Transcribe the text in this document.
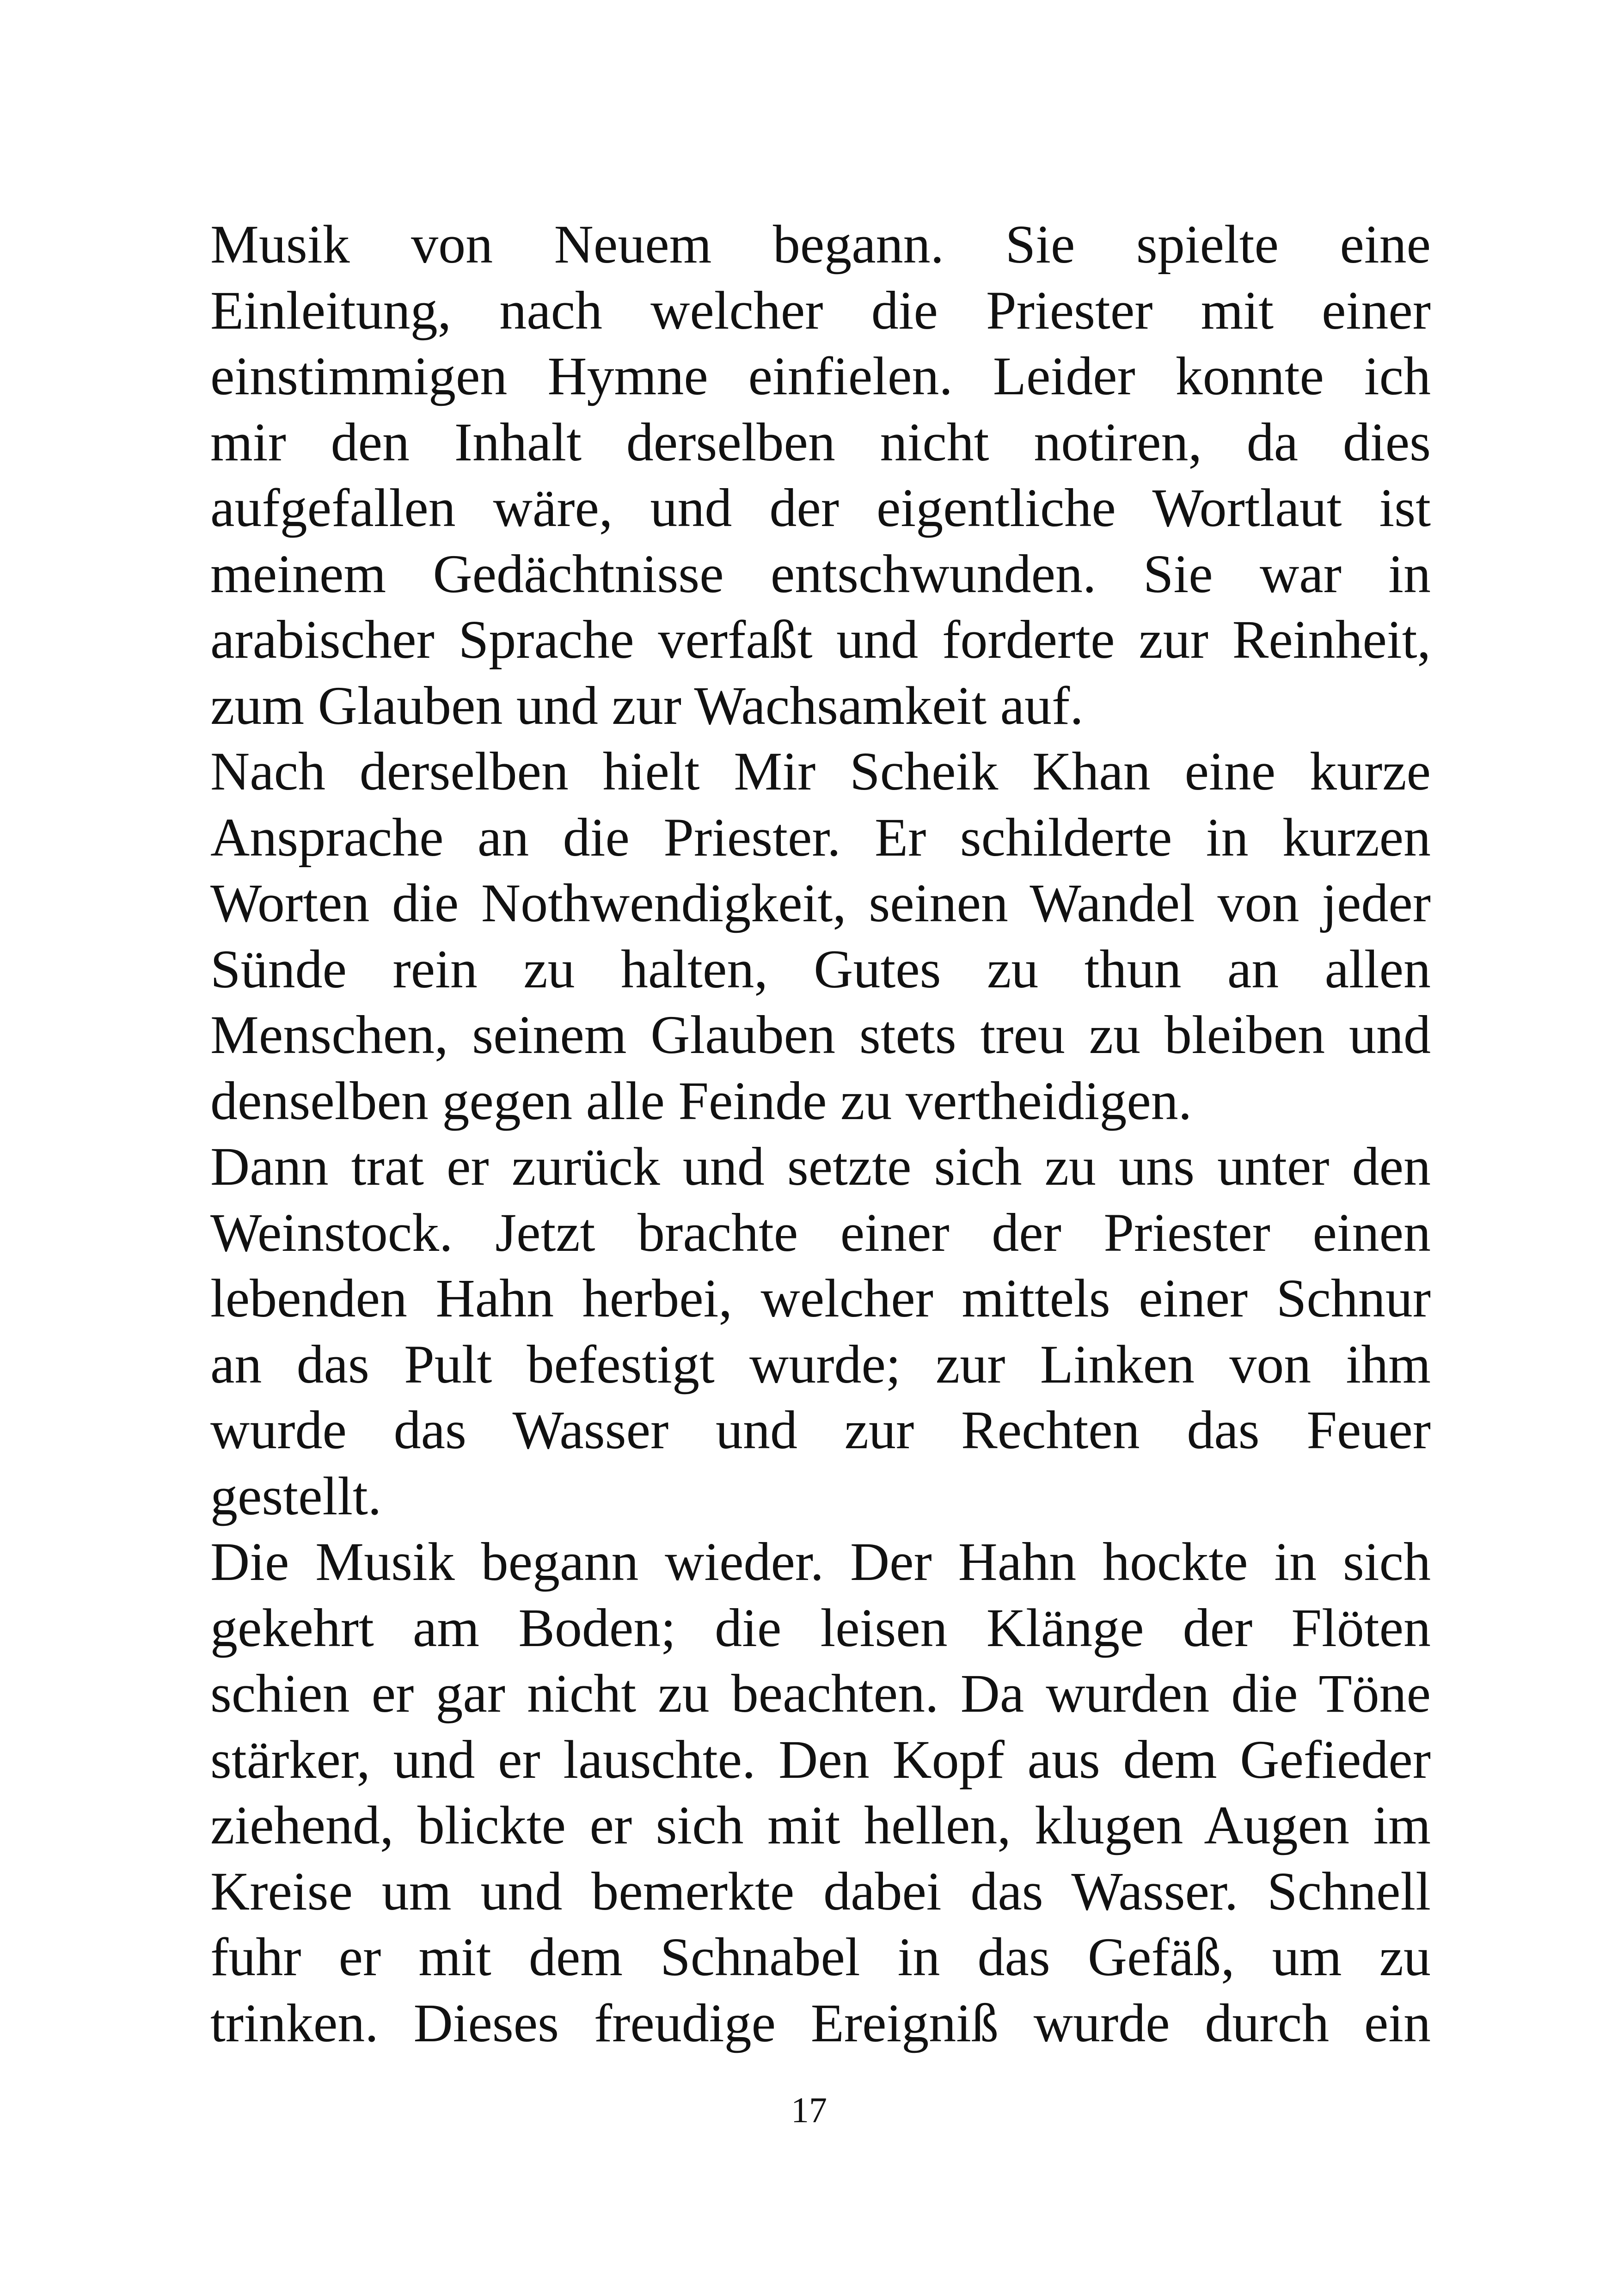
Musik von Neuem begann. Sie spielte eine
Einleitung, nach welcher die Priester mit einer
einstimmigen Hymne einfielen. Leider konnte ich
mir den Inhalt derselben nicht notiren, da dies
aufgefallen wäre, und der eigentliche Wortlaut ist
meinem Gedächtnisse entschwunden. Sie war in
arabischer Sprache verfaßt und forderte zur Reinheit,
zum Glauben und zur Wachsamkeit auf.
Nach derselben hielt Mir Scheik Khan eine kurze
Ansprache an die Priester. Er schilderte in kurzen
Worten die Nothwendigkeit, seinen Wandel von jeder
Sünde rein zu halten, Gutes zu thun an allen
Menschen, seinem Glauben stets treu zu bleiben und
denselben gegen alle Feinde zu vertheidigen.
Dann trat er zurück und setzte sich zu uns unter den
Weinstock. Jetzt brachte einer der Priester einen
lebenden Hahn herbei, welcher mittels einer Schnur
an das Pult befestigt wurde; zur Linken von ihm
wurde das Wasser und zur Rechten das Feuer
gestellt.
Die Musik begann wieder. Der Hahn hockte in sich
gekehrt am Boden; die leisen Klänge der Flöten
schien er gar nicht zu beachten. Da wurden die Töne
stärker, und er lauschte. Den Kopf aus dem Gefieder
ziehend, blickte er sich mit hellen, klugen Augen im
Kreise um und bemerkte dabei das Wasser. Schnell
fuhr er mit dem Schnabel in das Gefäß, um zu
trinken. Dieses freudige Ereigniß wurde durch ein
17
